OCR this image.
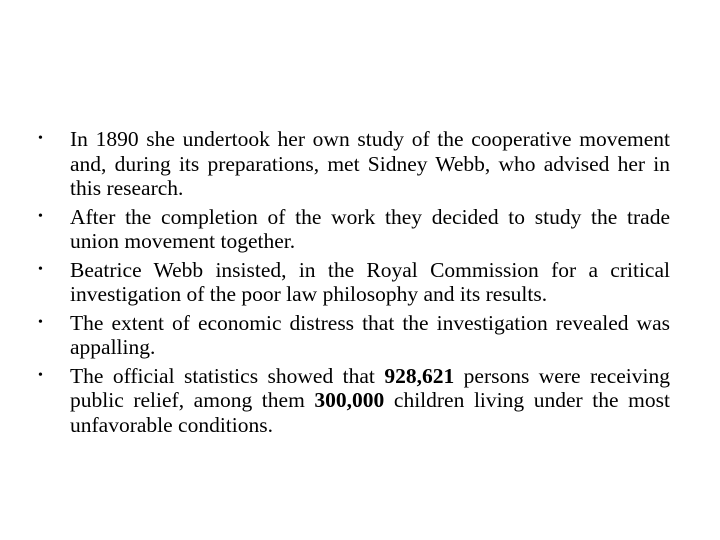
•	In 1890 she undertook her own study of the cooperative movement and, during its preparations, met Sidney Webb, who advised her in this research.
•	After the completion of the work they decided to study the trade union movement together.
•	Beatrice Webb insisted, in the Royal Commission for a critical investigation of the poor law philosophy and its results.
•	The extent of economic distress that the investigation revealed was appalling.
•	The official statistics showed that 928,621 persons were receiving public relief, among them 300,000 children living under the most unfavorable conditions.
